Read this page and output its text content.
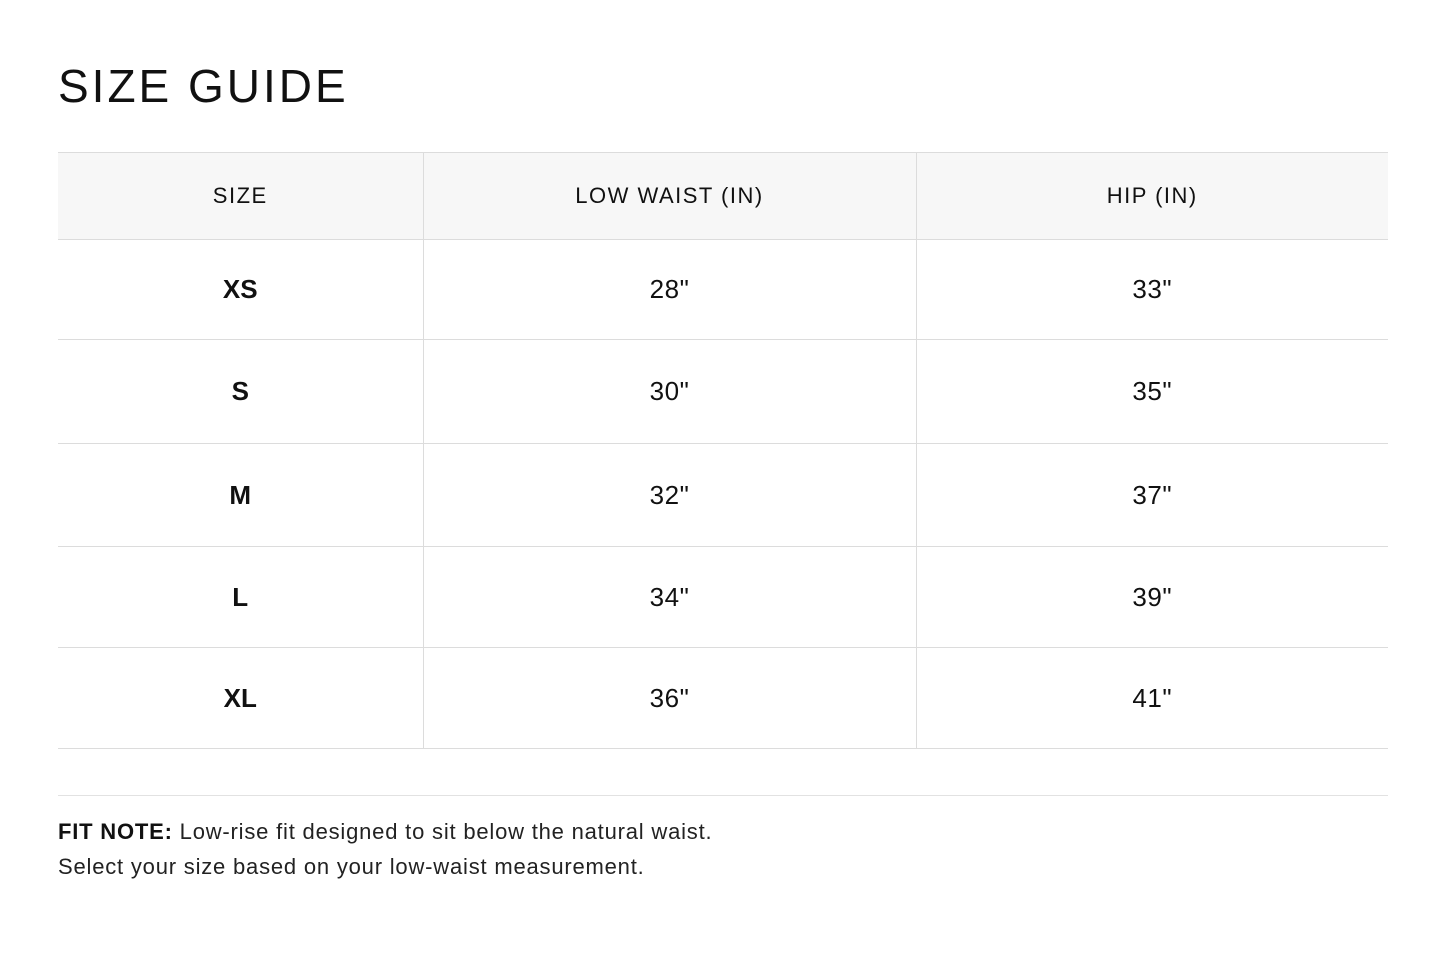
SIZE GUIDE
SIZE	LOW WAIST (IN)	HIP (IN)
XS	28"	33"
S	30"	35"
M	32"	37"
L	34"	39"
XL	36"	41"

FIT NOTE: Low-rise fit designed to sit below the natural waist.

Select your size based on your low-waist measurement.
